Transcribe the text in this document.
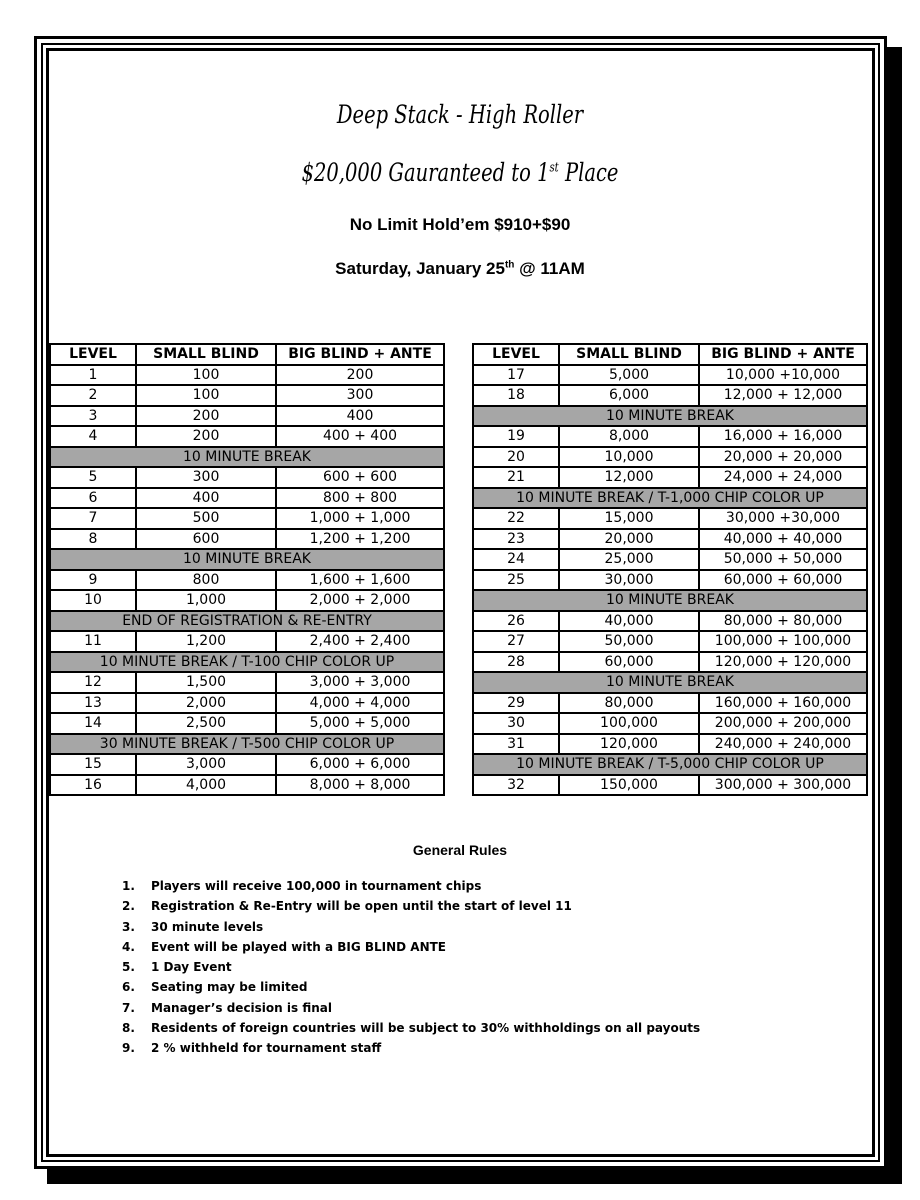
Deep Stack - High Roller
$20,000 Gauranteed to 1st Place
No Limit Hold’em $910+$90
Saturday, January 25th @ 11AM
LEVEL	SMALL BLIND	BIG BLIND + ANTE
1	100	200
2	100	300
3	200	400
4	200	400 + 400
10 MINUTE BREAK		
5	300	600 + 600
6	400	800 + 800
7	500	1,000 + 1,000
8	600	1,200 + 1,200
10 MINUTE BREAK		
9	800	1,600 + 1,600
10	1,000	2,000 + 2,000
END OF REGISTRATION & RE-ENTRY		
11	1,200	2,400 + 2,400
10 MINUTE BREAK / T-100 CHIP COLOR UP		
12	1,500	3,000 + 3,000
13	2,000	4,000 + 4,000
14	2,500	5,000 + 5,000
30 MINUTE BREAK / T-500 CHIP COLOR UP		
15	3,000	6,000 + 6,000
16	4,000	8,000 + 8,000
LEVEL	SMALL BLIND	BIG BLIND + ANTE
17	5,000	10,000 +10,000
18	6,000	12,000 + 12,000
10 MINUTE BREAK		
19	8,000	16,000 + 16,000
20	10,000	20,000 + 20,000
21	12,000	24,000 + 24,000
10 MINUTE BREAK / T-1,000 CHIP COLOR UP		
22	15,000	30,000 +30,000
23	20,000	40,000 + 40,000
24	25,000	50,000 + 50,000
25	30,000	60,000 + 60,000
10 MINUTE BREAK		
26	40,000	80,000 + 80,000
27	50,000	100,000 + 100,000
28	60,000	120,000 + 120,000
10 MINUTE BREAK		
29	80,000	160,000 + 160,000
30	100,000	200,000 + 200,000
31	120,000	240,000 + 240,000
10 MINUTE BREAK / T-5,000 CHIP COLOR UP		
32	150,000	300,000 + 300,000
General Rules
1. Players will receive 100,000 in tournament chips
2. Registration & Re-Entry will be open until the start of level 11
3. 30 minute levels
4. Event will be played with a BIG BLIND ANTE
5. 1 Day Event
6. Seating may be limited
7. Manager’s decision is final
8. Residents of foreign countries will be subject to 30% withholdings on all payouts
9. 2 % withheld for tournament staff
